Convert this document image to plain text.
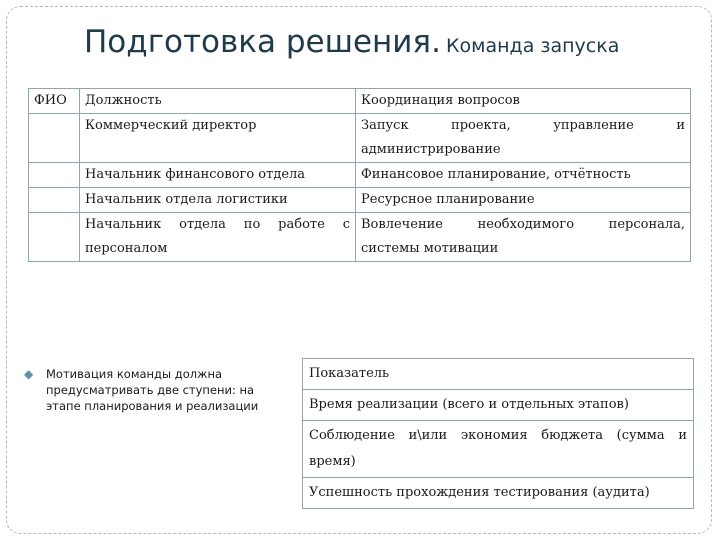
Подготовка решения. Команда запуска
ФИО	Должность	Координация вопросов
	Коммерческий директор	Запуск проекта, управление и администрирование
	Начальник финансового отдела	Финансовое планирование, отчётность
	Начальник отдела логистики	Ресурсное планирование
	Начальник отдела по работе с персоналом	Вовлечение необходимого персонала, системы мотивации
◆	Мотивация команды должна предусматривать две ступени: на этапе планирования и реализации
Показатель
Время реализации (всего и отдельных этапов)
Соблюдение и\или экономия бюджета (сумма и время)
Успешность прохождения тестирования (аудита)
